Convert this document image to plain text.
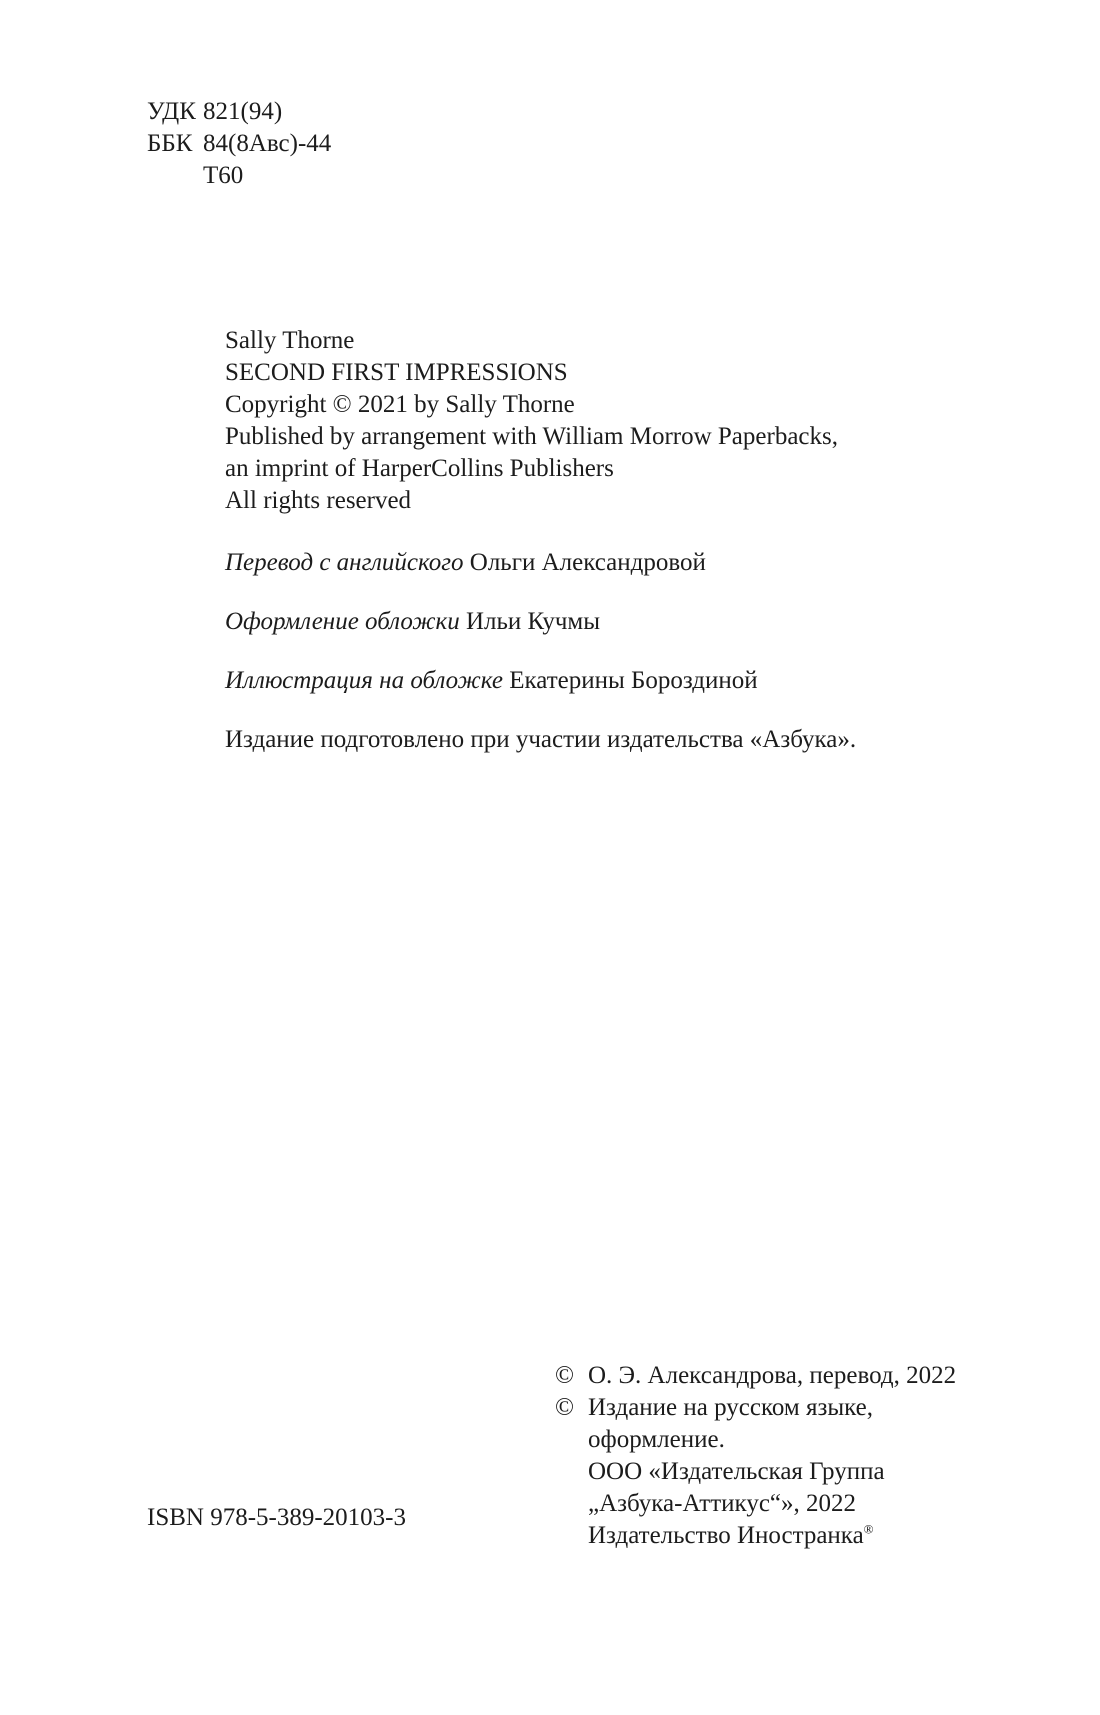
УДК 821(94)
ББК 84(8Авс)-44
Т60
Sally Thorne
SECOND FIRST IMPRESSIONS
Copyright © 2021 by Sally Thorne
Published by arrangement with William Morrow Paperbacks,
an imprint of HarperCollins Publishers
All rights reserved
Перевод с английского Ольги Александровой
Оформление обложки Ильи Кучмы
Иллюстрация на обложке Екатерины Бороздиной
Издание подготовлено при участии издательства «Азбука».
© О. Э. Александрова, перевод, 2022
© Издание на русском языке,
оформление.
ООО «Издательская Группа
„Азбука-Аттикус“», 2022
Издательство Иностранка®
ISBN 978-5-389-20103-3
